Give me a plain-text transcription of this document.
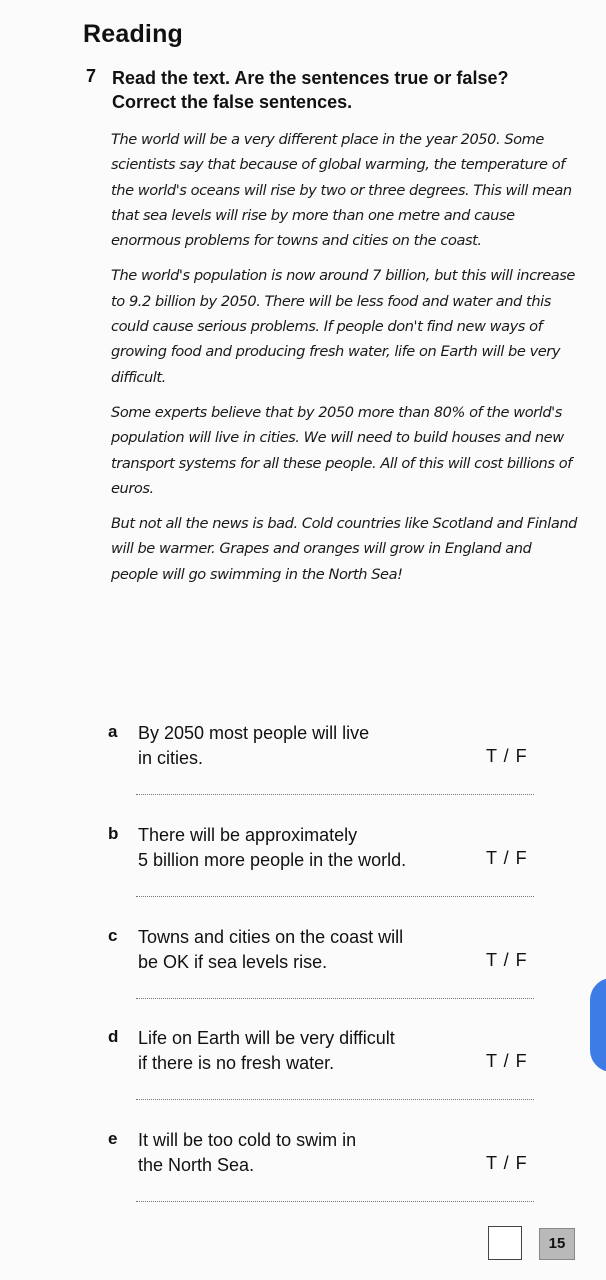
Reading
7 Read the text. Are the sentences true or false?
Correct the false sentences.

The world will be a very different place in the year 2050. Some scientists say that because of global warming, the temperature of the world's oceans will rise by two or three degrees. This will mean that sea levels will rise by more than one metre and cause enormous problems for towns and cities on the coast.

The world's population is now around 7 billion, but this will increase to 9.2 billion by 2050. There will be less food and water and this could cause serious problems. If people don't find new ways of growing food and producing fresh water, life on Earth will be very difficult.

Some experts believe that by 2050 more than 80% of the world's population will live in cities. We will need to build houses and new transport systems for all these people. All of this will cost billions of euros.

But not all the news is bad. Cold countries like Scotland and Finland will be warmer. Grapes and oranges will grow in England and people will go swimming in the North Sea!

a By 2050 most people will live
in cities.	T / F
b There will be approximately
5 billion more people in the world.	T / F
c Towns and cities on the coast will
be OK if sea levels rise.	T / F
d Life on Earth will be very difficult
if there is no fresh water.	T / F
e It will be too cold to swim in
the North Sea.	T / F
15
